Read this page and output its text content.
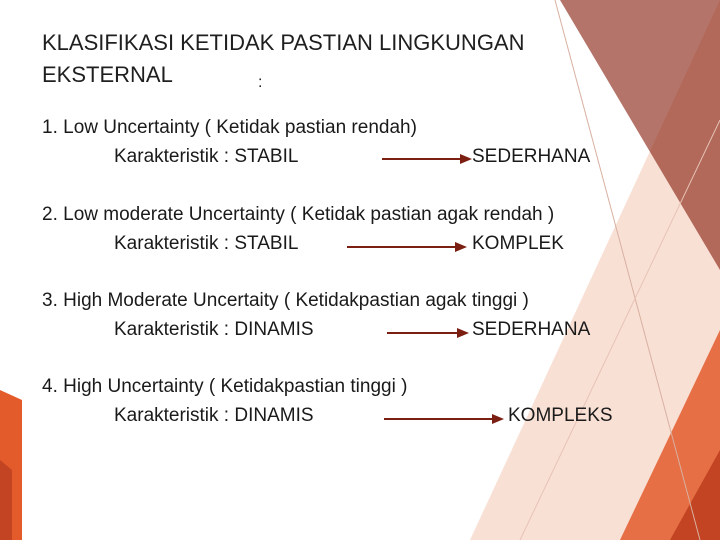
KLASIFIKASI KETIDAK PASTIAN LINGKUNGAN
EKSTERNAL	:
1. Low Uncertainty ( Ketidak pastian rendah)
Karakteristik : STABIL	SEDERHANA
2. Low moderate Uncertainty ( Ketidak pastian agak rendah )
Karakteristik : STABIL	KOMPLEK
3. High Moderate Uncertaity ( Ketidakpastian agak tinggi )
Karakteristik : DINAMIS	SEDERHANA
4. High Uncertainty ( Ketidakpastian tinggi )
Karakteristik : DINAMIS	KOMPLEKS
